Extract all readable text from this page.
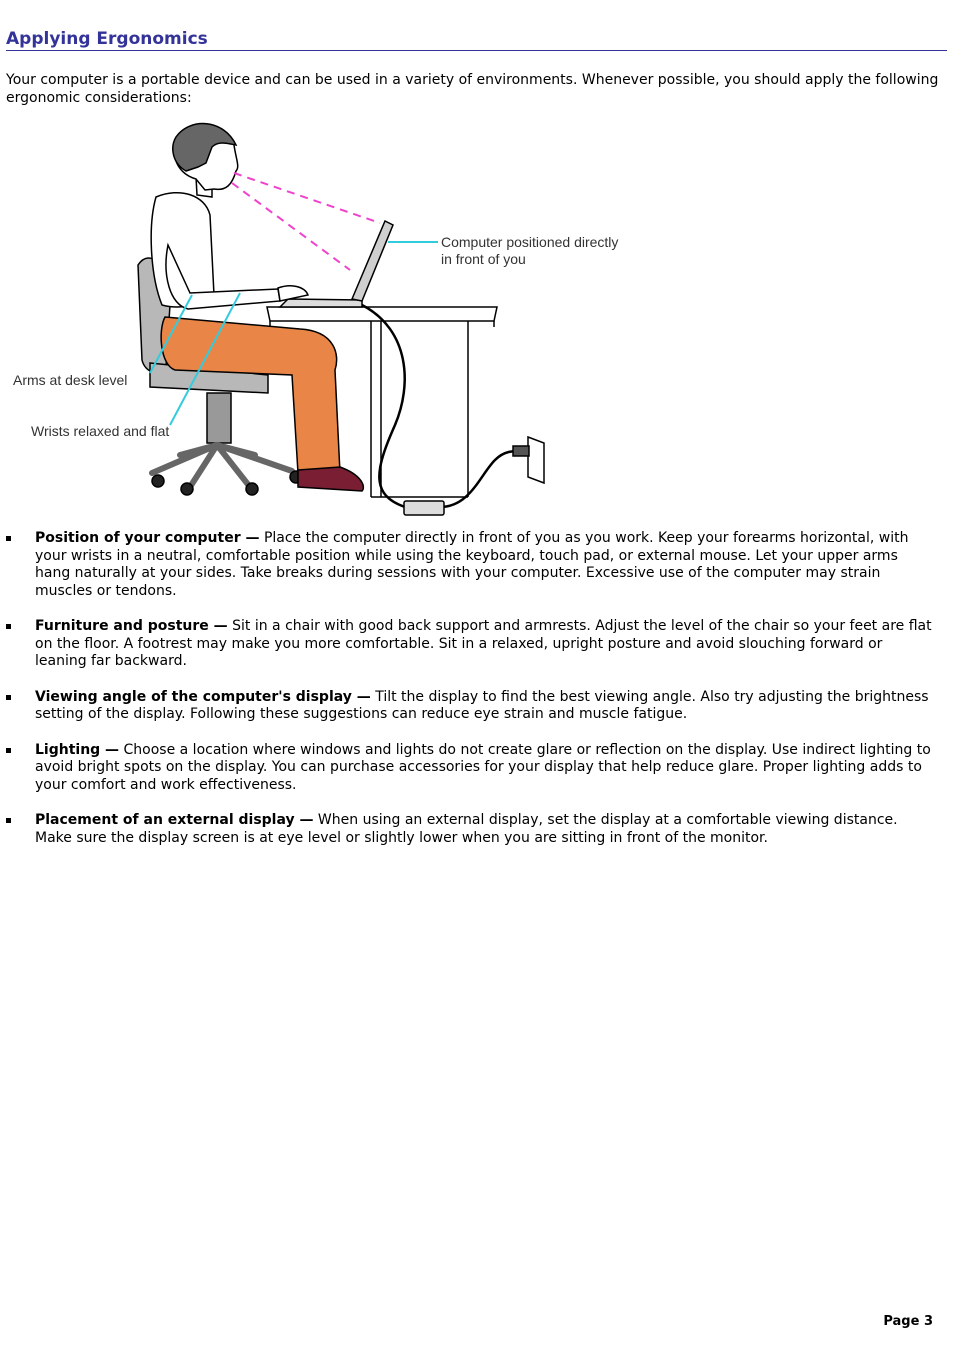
Applying Ergonomics
Your computer is a portable device and can be used in a variety of environments. Whenever possible, you should apply the following ergonomic considerations:
Computer positioned directly
in front of you
Arms at desk level
Wrists relaxed and flat
Position of your computer — Place the computer directly in front of you as you work. Keep your forearms horizontal, with your wrists in a neutral, comfortable position while using the keyboard, touch pad, or external mouse. Let your upper arms hang naturally at your sides. Take breaks during sessions with your computer. Excessive use of the computer may strain muscles or tendons.
Furniture and posture — Sit in a chair with good back support and armrests. Adjust the level of the chair so your feet are flat on the floor. A footrest may make you more comfortable. Sit in a relaxed, upright posture and avoid slouching forward or leaning far backward.
Viewing angle of the computer's display — Tilt the display to find the best viewing angle. Also try adjusting the brightness setting of the display. Following these suggestions can reduce eye strain and muscle fatigue.
Lighting — Choose a location where windows and lights do not create glare or reflection on the display. Use indirect lighting to avoid bright spots on the display. You can purchase accessories for your display that help reduce glare. Proper lighting adds to your comfort and work effectiveness.
Placement of an external display — When using an external display, set the display at a comfortable viewing distance. Make sure the display screen is at eye level or slightly lower when you are sitting in front of the monitor.
Page 3
